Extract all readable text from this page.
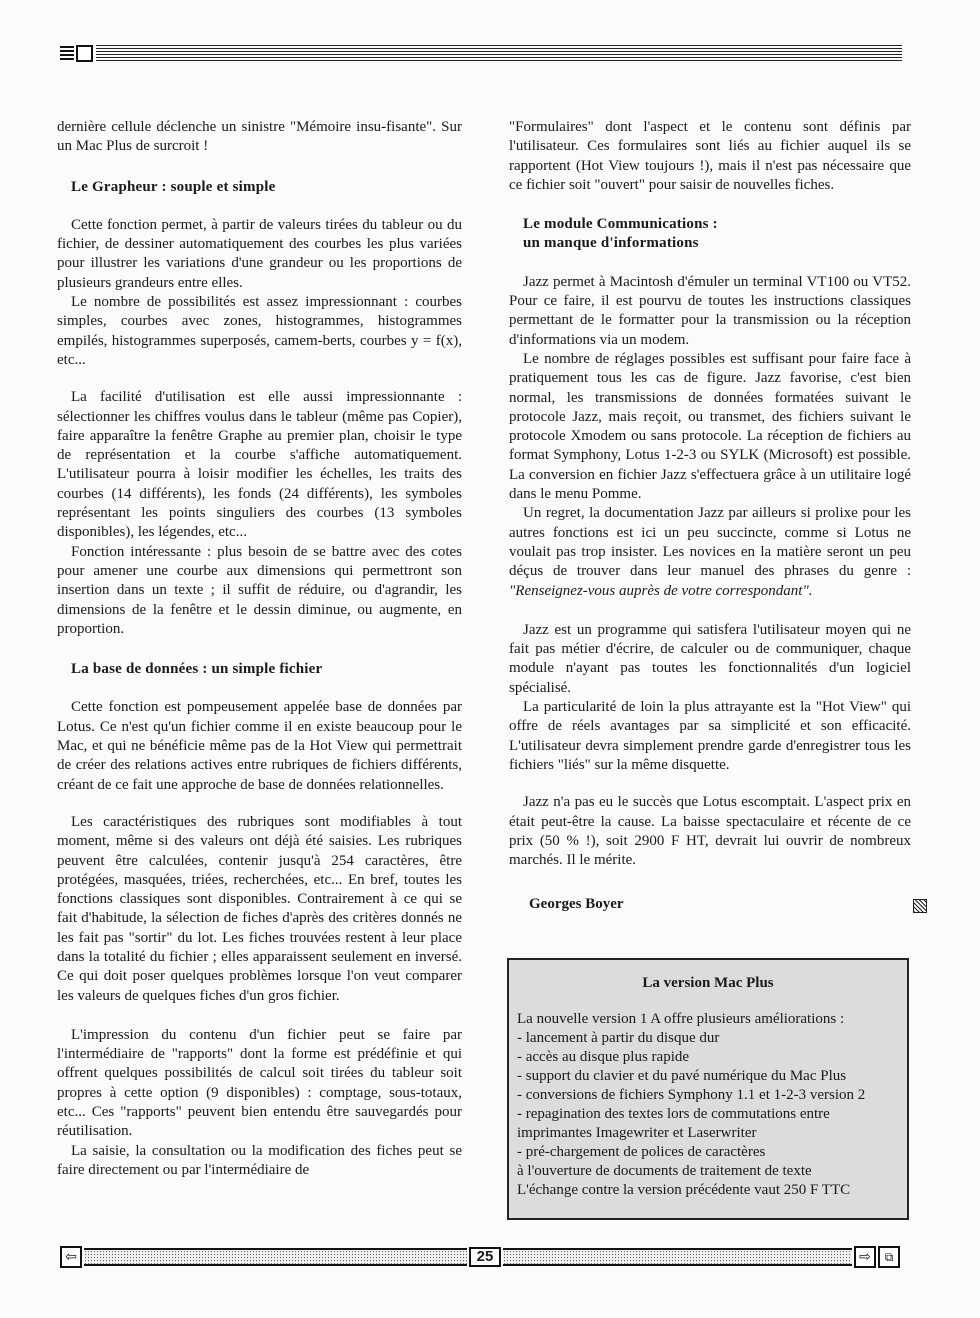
dernière cellule déclenche un sinistre "Mémoire insu-fisante". Sur un Mac Plus de surcroit !

Le Grapheur : souple et simple

Cette fonction permet, à partir de valeurs tirées du tableur ou du fichier, de dessiner automatiquement des courbes les plus variées pour illustrer les variations d'une grandeur ou les proportions de plusieurs grandeurs entre elles.

Le nombre de possibilités est assez impressionnant : courbes simples, courbes avec zones, histogrammes, histogrammes empilés, histogrammes superposés, camem-berts, courbes y = f(x), etc...

La facilité d'utilisation est elle aussi impressionnante : sélectionner les chiffres voulus dans le tableur (même pas Copier), faire apparaître la fenêtre Graphe au premier plan, choisir le type de représentation et la courbe s'affiche automatiquement. L'utilisateur pourra à loisir modifier les échelles, les traits des courbes (14 différents), les fonds (24 différents), les symboles représentant les points singuliers des courbes (13 symboles disponibles), les légendes, etc...

Fonction intéressante : plus besoin de se battre avec des cotes pour amener une courbe aux dimensions qui permettront son insertion dans un texte ; il suffit de réduire, ou d'agrandir, les dimensions de la fenêtre et le dessin diminue, ou augmente, en proportion.

La base de données : un simple fichier

Cette fonction est pompeusement appelée base de données par Lotus. Ce n'est qu'un fichier comme il en existe beaucoup pour le Mac, et qui ne bénéficie même pas de la Hot View qui permettrait de créer des relations actives entre rubriques de fichiers différents, créant de ce fait une approche de base de données relationnelles.

Les caractéristiques des rubriques sont modifiables à tout moment, même si des valeurs ont déjà été saisies. Les rubriques peuvent être calculées, contenir jusqu'à 254 caractères, être protégées, masquées, triées, recherchées, etc... En bref, toutes les fonctions classiques sont disponibles. Contrairement à ce qui se fait d'habitude, la sélection de fiches d'après des critères donnés ne les fait pas "sortir" du lot. Les fiches trouvées restent à leur place dans la totalité du fichier ; elles apparaissent seulement en inversé. Ce qui doit poser quelques problèmes lorsque l'on veut comparer les valeurs de quelques fiches d'un gros fichier.

L'impression du contenu d'un fichier peut se faire par l'intermédiaire de "rapports" dont la forme est prédéfinie et qui offrent quelques possibilités de calcul soit tirées du tableur soit propres à cette option (9 disponibles) : comptage, sous-totaux, etc... Ces "rapports" peuvent bien entendu être sauvegardés pour réutilisation.

La saisie, la consultation ou la modification des fiches peut se faire directement ou par l'intermédiaire de

"Formulaires" dont l'aspect et le contenu sont définis par l'utilisateur. Ces formulaires sont liés au fichier auquel ils se rapportent (Hot View toujours !), mais il n'est pas nécessaire que ce fichier soit "ouvert" pour saisir de nouvelles fiches.

Le module Communications :
un manque d'informations

Jazz permet à Macintosh d'émuler un terminal VT100 ou VT52. Pour ce faire, il est pourvu de toutes les instructions classiques permettant de le formatter pour la transmission ou la réception d'informations via un modem.

Le nombre de réglages possibles est suffisant pour faire face à pratiquement tous les cas de figure. Jazz favorise, c'est bien normal, les transmissions de données formatées suivant le protocole Jazz, mais reçoit, ou transmet, des fichiers suivant le protocole Xmodem ou sans protocole. La réception de fichiers au format Symphony, Lotus 1-2-3 ou SYLK (Microsoft) est possible. La conversion en fichier Jazz s'effectuera grâce à un utilitaire logé dans le menu Pomme.

Un regret, la documentation Jazz par ailleurs si prolixe pour les autres fonctions est ici un peu succincte, comme si Lotus ne voulait pas trop insister. Les novices en la matière seront un peu déçus de trouver dans leur manuel des phrases du genre : "Renseignez-vous auprès de votre correspondant".

Jazz est un programme qui satisfera l'utilisateur moyen qui ne fait pas métier d'écrire, de calculer ou de communiquer, chaque module n'ayant pas toutes les fonctionnalités d'un logiciel spécialisé.

La particularité de loin la plus attrayante est la "Hot View" qui offre de réels avantages par sa simplicité et son efficacité. L'utilisateur devra simplement prendre garde d'enregistrer tous les fichiers "liés" sur la même disquette.

Jazz n'a pas eu le succès que Lotus escomptait. L'aspect prix en était peut-être la cause. La baisse spectaculaire et récente de ce prix (50 % !), soit 2900 F HT, devrait lui ouvrir de nombreux marchés. Il le mérite.

Georges Boyer
La version Mac Plus
La nouvelle version 1 A offre plusieurs améliorations :
- lancement à partir du disque dur
- accès au disque plus rapide
- support du clavier et du pavé numérique du Mac Plus
- conversions de fichiers Symphony 1.1 et 1-2-3 version 2
- repagination des textes lors de commutations entre
imprimantes Imagewriter et Laserwriter
- pré-chargement de polices de caractères
à l'ouverture de documents de traitement de texte
L'échange contre la version précédente vaut 250 F TTC
⇦	25	⇨	⧉
